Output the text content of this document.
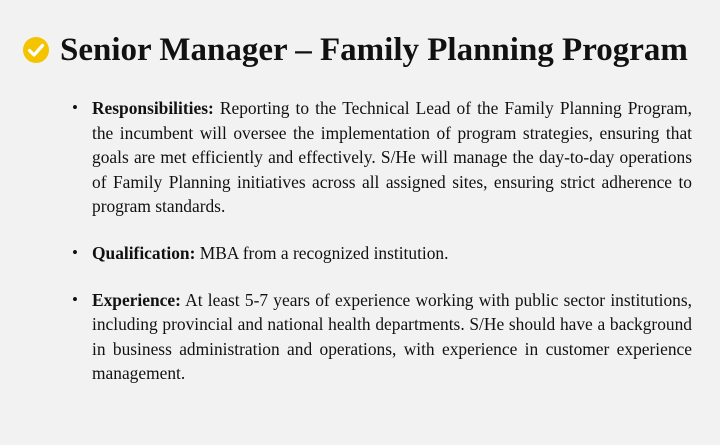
Senior Manager – Family Planning Program
• Responsibilities: Reporting to the Technical Lead of the Family Planning Program, the incumbent will oversee the implementation of program strategies, ensuring that goals are met efficiently and effectively. S/He will manage the day-to-day operations of Family Planning initiatives across all assigned sites, ensuring strict adherence to program standards.
• Qualification: MBA from a recognized institution.
• Experience: At least 5-7 years of experience working with public sector institutions, including provincial and national health departments. S/He should have a background in business administration and operations, with experience in customer experience management.
